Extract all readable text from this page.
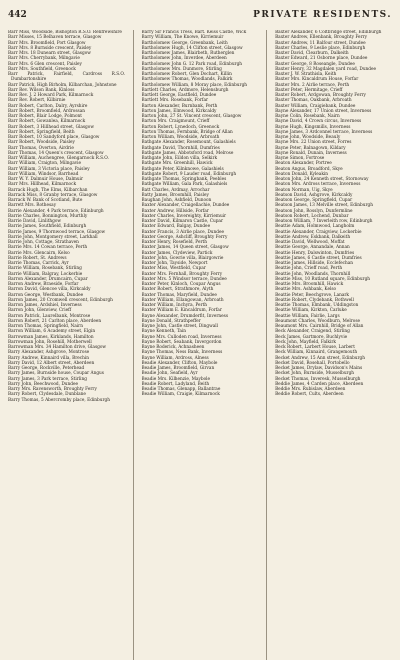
442	PRIVATE RESIDENTS.

Barr Miss, Woodside, Bishopton R.S.O. Renfrewshire

Barr Misses, 15 Belhaven terrace, Glasgow

Barr Mrs. Broomfield, Port Glasgow

Barr Mrs. 8 Burnside crescent, Paisley

Barr Mrs. 18 Dunearn street, Glasgow

Barr Mrs. Cherrybank, Milngavie

Barr Mrs. 6 Glen crescent, Paisley

Barr Mrs. Southfield, Greenock

Barr Patrick, Fairfield, Cardross R.S.O. Dumbartonshire

Barr Patrick, High Birholm, Kilbarchan, Johnstone

Barr Rev. Wilson Bank, Kinloss

Barr Rev. J. 2 Howard Park, Kilmarnock

Barr Rev. Robert, Kilbirnie

Barr Robert, Carlton, Dalry, Ayrshire

Barr Robert, Broomfield, Ardrossan

Barr Robert, Blair Lodge, Polmont

Barr Robert, Gowanlea, Kilmarnock

Barr Robert, 3 Hillhead street, Glasgow

Barr Robert, Springfield, Beith

Barr Robert, 10 Sandyford place, Glasgow

Barr Robert, Woodside, Paisley

Barr Thomas, Overton, Airdrie

Barr Thomas, 14 Queen's crescent, Glasgow

Barr William, Auchengree, Glengarnock R.S.O.

Barr William, Craigton, Milngavie

Barr William, 3 Victoria place, Paisley

Barr William, Windsor, Barrhead

Barr W. Y. Dalmuir House, Dalmuir

Barr Mrs. Hillhead, Kilmarnock

Barrack Hugh, The Elms, Kilbarchan

Barrack Miss, 8 Granby terrace, Glasgow

Barrack W. Bank of Scotland, Bute

Barrett Mrs. Rothesay

Barrie Alexander, 4 Park terrace, Edinburgh

Barrie Charles, Bonnington, Murthly

Barrie David, Linlithgow

Barrie James, Southfield, Edinburgh

Barrie James, 9 Thornwood terrace, Glasgow

Barrie John, Montgomery street, Larkhall

Barrie John, Cottage, Strathaven

Barrie Mrs. 14 Cowan terrace, Perth

Barrie Mrs. Glencairn, Kelso

Barrie Robert, St. Andrews

Barrie Thomas, Carrick, Ayr

Barrie William, Rosebank, Stirling

Barrie William, Balgray, Lockerbie

Barron Alexander, Drumcairn, Cupar

Barron Andrew, Braeside, Forfar

Barron David, Glencoe villa, Kirkcaldy

Barron George, Westbank, Dundee

Barron James, 20 Cromwell crescent, Edinburgh

Barron James, Ardshiel, Inverness

Barron John, Glenview, Crieff

Barron Patrick, Laurelbank, Montrose

Barron Robert, 21 Carlton place, Aberdeen

Barron Thomas, Springfield, Nairn

Barron William, 6 Academy street, Elgin

Barrowman James, Kirklands, Hamilton

Barrowman John, Rosehill, Motherwell

Barrowman Mrs. 34 Hamilton drive, Glasgow

Barry Alexander, Ashgrove, Montrose

Barry Andrew, Kinnaird villa, Brechin

Barry David, 12 Albert street, Aberdeen

Barry George, Rockville, Peterhead

Barry James, Burnside house, Coupar Angus

Barry James, 3 Park terrace, Stirling

Barry John, Beechwood, Dundee

Barry Mrs. Ravensworth, Broughty Ferry

Barry Robert, Clydesdale, Dunblane

Barry Thomas, 5 Abercromby place, Edinburgh

Barry Sir Francis Tress, Bart. Keiss Castle, Wick

Barry William, The Knowe, Kirriemuir

Bartholomew George, Greenbank, Leith

Bartholomew Hugh, 14 Clifton street, Glasgow

Bartholomew James, Blairbeth, Rutherglen

Bartholomew John, Inverdee, Aberdeen

Bartholomew John G. 12 Park road, Edinburgh

Bartholomew Mrs. Dunmore, Stirling

Bartholomew Robert, Glen Dochart, Killin

Bartholomew Thomas, Woodlands, Falkirk

Bartholomew William, 8 Moray place, Edinburgh

Bartlett Charles, Ardmore, Helensburgh

Bartlett George, Eastfield, Dundee

Bartlett Mrs. Rosebank, Forfar

Barton Alexander, Burnbank, Perth

Barton James, Elmwood, Kirkcaldy

Barton John, 27 St. Vincent crescent, Glasgow

Barton Mrs. Craigmount, Crieff

Barton Robert, Lynedoch, Greenock

Barton Thomas, Fernbank, Bridge of Allan

Barton William, Woodside, Arbroath

Bathgate Alexander, Rosemount, Galashiels

Bathgate David, Thornhill, Dumfries

Bathgate James, Abbotsford road, Melrose

Bathgate John, Eildon villa, Selkirk

Bathgate Mrs. Greenhill, Hawick

Bathgate Peter, Kilnknowe, Galashiels

Bathgate Robert, 9 Lauder road, Edinburgh

Bathgate Thomas, Springbank, Peebles

Bathgate William, Gala Park, Galashiels

Batt Charles, Ardmay, Arrochar

Batty James, Broomhill, Paisley

Baughan John, Ashfield, Dunoon

Baxter Alexander, Craigellachie, Dundee

Baxter Andrew, Hillside, Forfar

Baxter Charles, Invereighty, Kirriemuir

Baxter David, Kilmaron Castle, Cupar

Baxter Edward, Balgay, Dundee

Baxter Francis, 3 Airlie place, Dundee

Baxter George, Ashcliff, Broughty Ferry

Baxter Henry, Rosefield, Perth

Baxter James, 14 Queen street, Glasgow

Baxter James, Clydeview, Partick

Baxter John, Gowrie villa, Blairgowrie

Baxter John, Tayside, Newport

Baxter Miss, Westfield, Cupar

Baxter Mrs. Fernhall, Broughty Ferry

Baxter Mrs. 5 Windsor terrace, Dundee

Baxter Peter, Kinloch, Coupar Angus

Baxter Robert, Strathmore, Alyth

Baxter Thomas, Maryfield, Dundee

Baxter William, Ellangowan, Arbroath

Baxter William, Inchyra, Perth

Baxter William E. Kincaldrum, Forfar

Bayne Alexander, Drumderfit, Inverness

Bayne Donald, Strathpeffer

Bayne John, Castle street, Dingwall

Bayne Kenneth, Tain

Bayne Mrs. Culloden road, Inverness

Bayne Robert, Seabank, Invergordon

Bayne Roderick, Achnasheen

Bayne Thomas, Ness Bank, Inverness

Bayne William, Ardross, Alness

Beadie Alexander, Clifton, Maybole

Beadie James, Broomfield, Girvan

Beadie John, Seafield, Ayr

Beadie Mrs. Kilhenzie, Maybole

Beadie Robert, Ladyland, Beith

Beadie Thomas, Glenapp, Ballantrae

Beadie William, Craigie, Kilmarnock

Baxter Alexander, 6 Coltbridge street, Edinburgh

Baxter Andrew, Ellenbank, Broughty Ferry

Baxter Andrew, 11 Balfour street, Dundee

Baxter Charles, 9 Leslie place, Edinburgh

Baxter David, Clearburn, Dalkeith

Baxter Edward, 21 Osborne place, Dundee

Baxter George, 8 Roseangle, Dundee

Baxter Henry, 32 Magdalen yard road, Dundee

Baxter J. W. Strathisla, Keith

Baxter Mrs. Kincaldrum House, Forfar

Baxter Mrs. 2 Airlie terrace, Perth

Baxter Peter, Hermitage, Crieff

Baxter Robert, Ardgowan, Broughty Ferry

Baxter Thomas, Oakbank, Arbroath

Baxter William, Craigiebank, Dundee

Bayne Alexander, 17 Union street, Inverness

Bayne Colin, Rosebank, Nairn

Bayne David, 4 Crown circus, Inverness

Bayne Hugh, Kingsmills, Inverness

Bayne James, 3 Ardconnel terrace, Inverness

Bayne John, Woodside, Beauly

Bayne Mrs. 22 Union street, Forres

Bayne Peter, Balnagown, Kildary

Bayne Ronald, Dunain, Inverness

Bayne Simon, Fortrose

Beaton Alexander, Portree

Beaton Angus, Broadford, Skye

Beaton Donald, Kyleakin

Beaton John, 24 Kenneth street, Stornoway

Beaton Mrs. Ardross terrace, Inverness

Beaton Norman, Uig, Skye

Beatson David, Ashgrove, Kirkcaldy

Beatson George, Springfield, Cupar

Beatson James, 13 Melville street, Edinburgh

Beatson John, Rosslyn, Dunfermline

Beatson Robert, Lochend, Dunbar

Beatson William, 7 Inverleith row, Edinburgh

Beattie Adam, Holmwood, Langholm

Beattie Alexander, Craigview, Lockerbie

Beattie Andrew, Eskbank, Dalkeith

Beattie David, Wellwood, Moffat

Beattie George, Annandale, Annan

Beattie Henry, Dalswinton, Dumfries

Beattie James, 6 Castle street, Dumfries

Beattie James, Hillside, Ecclefechan

Beattie John, Crieff road, Perth

Beattie John, Woodlands, Thornhill

Beattie Miss, 10 Rutland square, Edinburgh

Beattie Mrs. Broomhill, Hawick

Beattie Mrs. Ashbank, Kelso

Beattie Peter, Beechgrove, Lanark

Beattie Robert, Clydebank, Bothwell

Beattie Thomas, Elmbank, Uddingston

Beattie William, Kirkton, Carluke

Beattie William, Fairlie, Largs

Beaumont Charles, Woodburn, Melrose

Beaumont Mrs. Cairnhill, Bridge of Allan

Beck Alexander, Craigend, Stirling

Beck James, Gartmore, Buchlyvie

Beck John, Mayfield, Falkirk

Beck Robert, Larbert House, Larbert

Beck William, Kinnaird, Grangemouth

Becket Andrew, 15 Ann street, Edinburgh

Becket David, Rosehall, Portobello

Becket James, Drylaw, Davidson's Mains

Becket John, Burnside, Musselburgh

Becket Thomas, Inveresk, Musselburgh

Beddie James, 4 Carden place, Aberdeen

Beddie Mrs. Rubislaw, Aberdeen

Beddie Robert, Cults, Aberdeen
